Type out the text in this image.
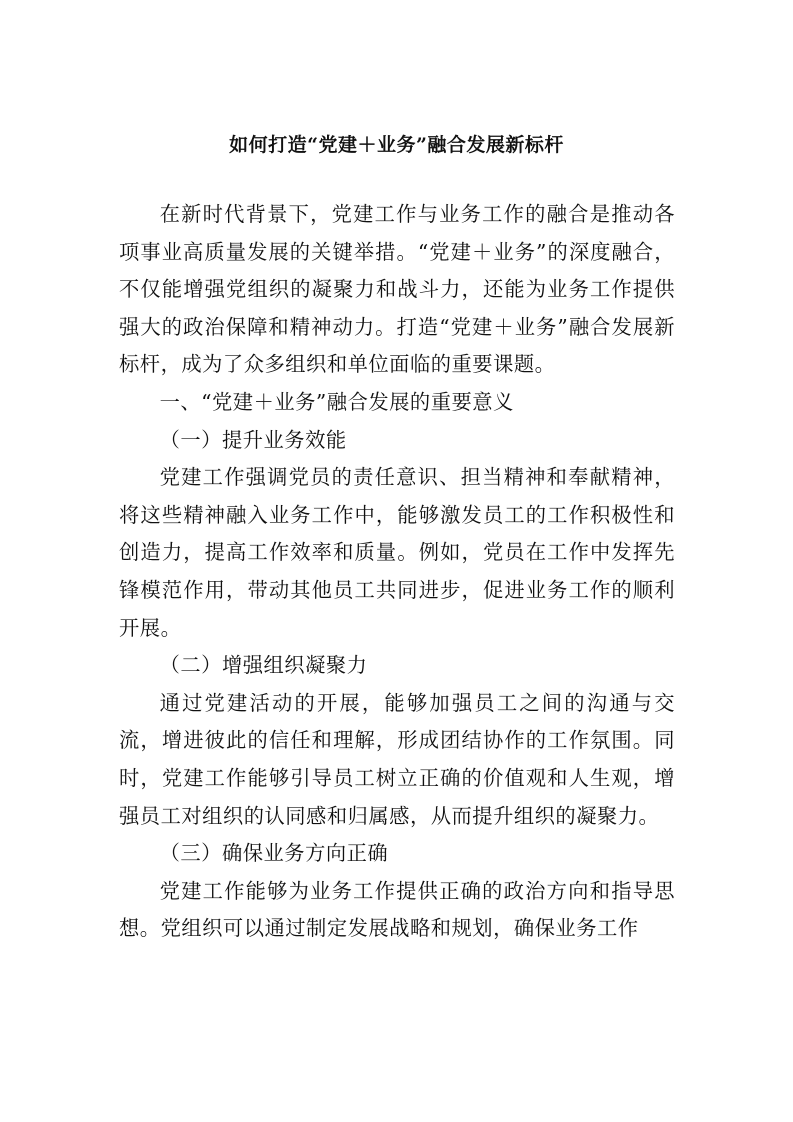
如何打造“党建＋业务”融合发展新标杆

在新时代背景下，党建工作与业务工作的融合是推动各项事业高质量发展的关键举措。“党建＋业务”的深度融合，不仅能增强党组织的凝聚力和战斗力，还能为业务工作提供强大的政治保障和精神动力。打造“党建＋业务”融合发展新标杆，成为了众多组织和单位面临的重要课题。

一、“党建＋业务”融合发展的重要意义

（一）提升业务效能

党建工作强调党员的责任意识、担当精神和奉献精神，将这些精神融入业务工作中，能够激发员工的工作积极性和创造力，提高工作效率和质量。例如，党员在工作中发挥先锋模范作用，带动其他员工共同进步，促进业务工作的顺利开展。

（二）增强组织凝聚力

通过党建活动的开展，能够加强员工之间的沟通与交流，增进彼此的信任和理解，形成团结协作的工作氛围。同时，党建工作能够引导员工树立正确的价值观和人生观，增强员工对组织的认同感和归属感，从而提升组织的凝聚力。

（三）确保业务方向正确

党建工作能够为业务工作提供正确的政治方向和指导思想。党组织可以通过制定发展战略和规划，确保业务工作
